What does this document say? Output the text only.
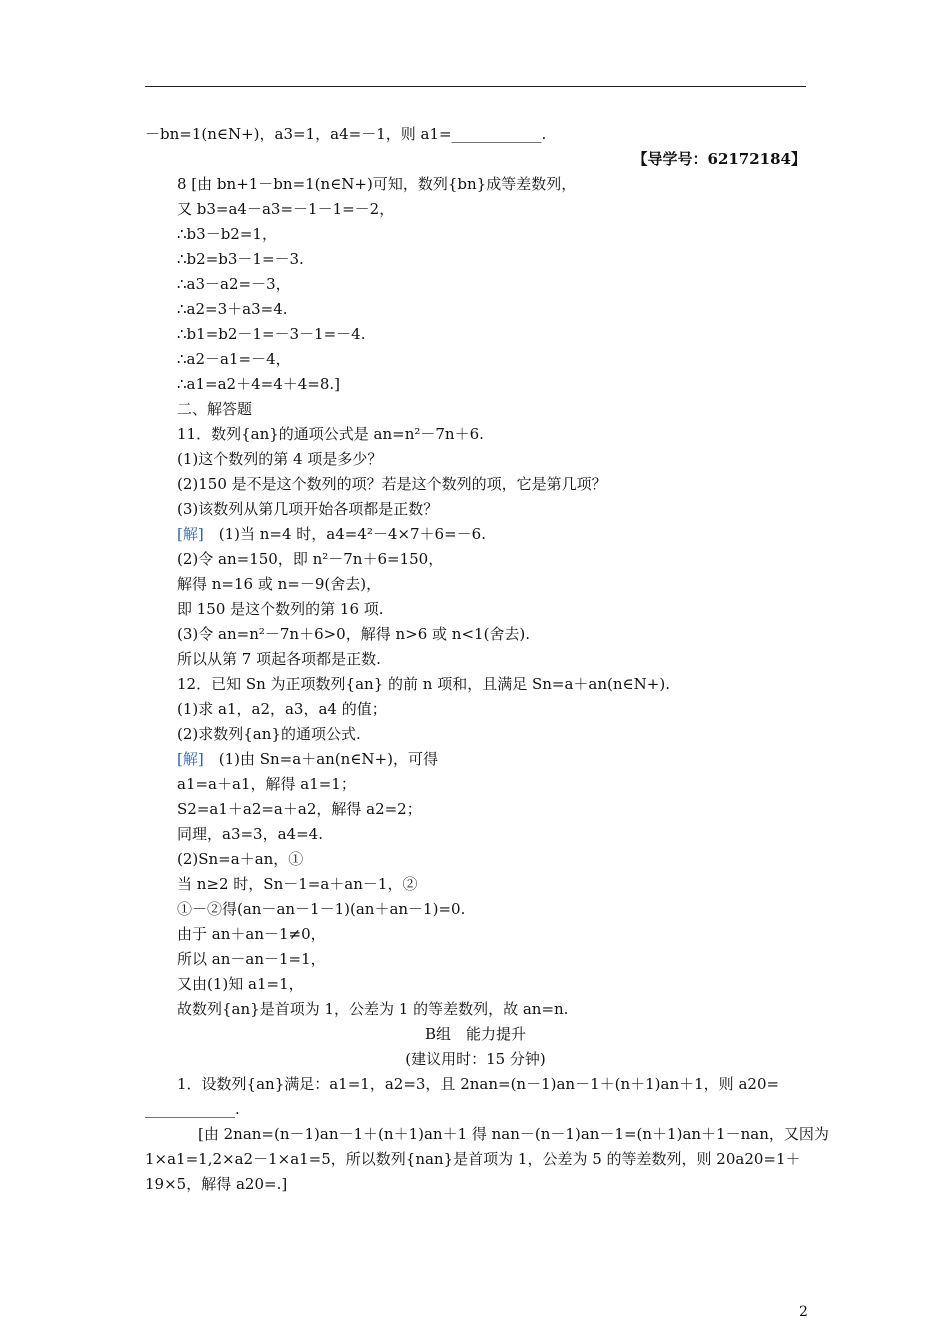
－bn=1(n∈N+)，a3=1，a4=－1，则 a1=____________.
【导学号：62172184】
8 [由 bn+1－bn=1(n∈N+)可知，数列{bn}成等差数列，
又 b3=a4－a3=－1－1=－2，
∴b3－b2=1，
∴b2=b3－1=－3.
∴a3－a2=－3，
∴a2=3＋a3=4.
∴b1=b2－1=－3－1=－4.
∴a2－a1=－4，
∴a1=a2＋4=4＋4=8.]
二、解答题
11．数列{an}的通项公式是 an=n²－7n＋6.
(1)这个数列的第 4 项是多少？
(2)150 是不是这个数列的项？若是这个数列的项，它是第几项？
(3)该数列从第几项开始各项都是正数？
[解]　 (1)当 n=4 时，a4=4²－4×7＋6=－6.
(2)令 an=150，即 n²－7n＋6=150，
解得 n=16 或 n=－9(舍去)，
即 150 是这个数列的第 16 项.
(3)令 an=n²－7n＋6>0，解得 n>6 或 n<1(舍去).
所以从第 7 项起各项都是正数.
12．已知 Sn 为正项数列{an} 的前 n 项和，且满足 Sn=a＋an(n∈N+).
(1)求 a1，a2，a3，a4 的值；
(2)求数列{an}的通项公式.
[解]　 (1)由 Sn=a＋an(n∈N+)，可得
a1=a＋a1，解得 a1=1；
S2=a1＋a2=a＋a2，解得 a2=2；
同理，a3=3，a4=4.
(2)Sn=a＋an，①
当 n≥2 时，Sn－1=a＋an－1，②
①－②得(an－an－1－1)(an＋an－1)=0.
由于 an＋an－1≠0，
所以 an－an－1=1，
又由(1)知 a1=1，
故数列{an}是首项为 1，公差为 1 的等差数列，故 an=n.
B组　能力提升
(建议用时：15 分钟)
1．设数列{an}满足：a1=1，a2=3，且 2nan=(n－1)an－1＋(n＋1)an＋1，则 a20=
____________.
[由 2nan=(n－1)an－1＋(n＋1)an＋1 得 nan－(n－1)an－1=(n＋1)an＋1－nan，又因为
1×a1=1,2×a2－1×a1=5，所以数列{nan}是首项为 1，公差为 5 的等差数列，则 20a20=1＋
19×5，解得 a20=.]
2
